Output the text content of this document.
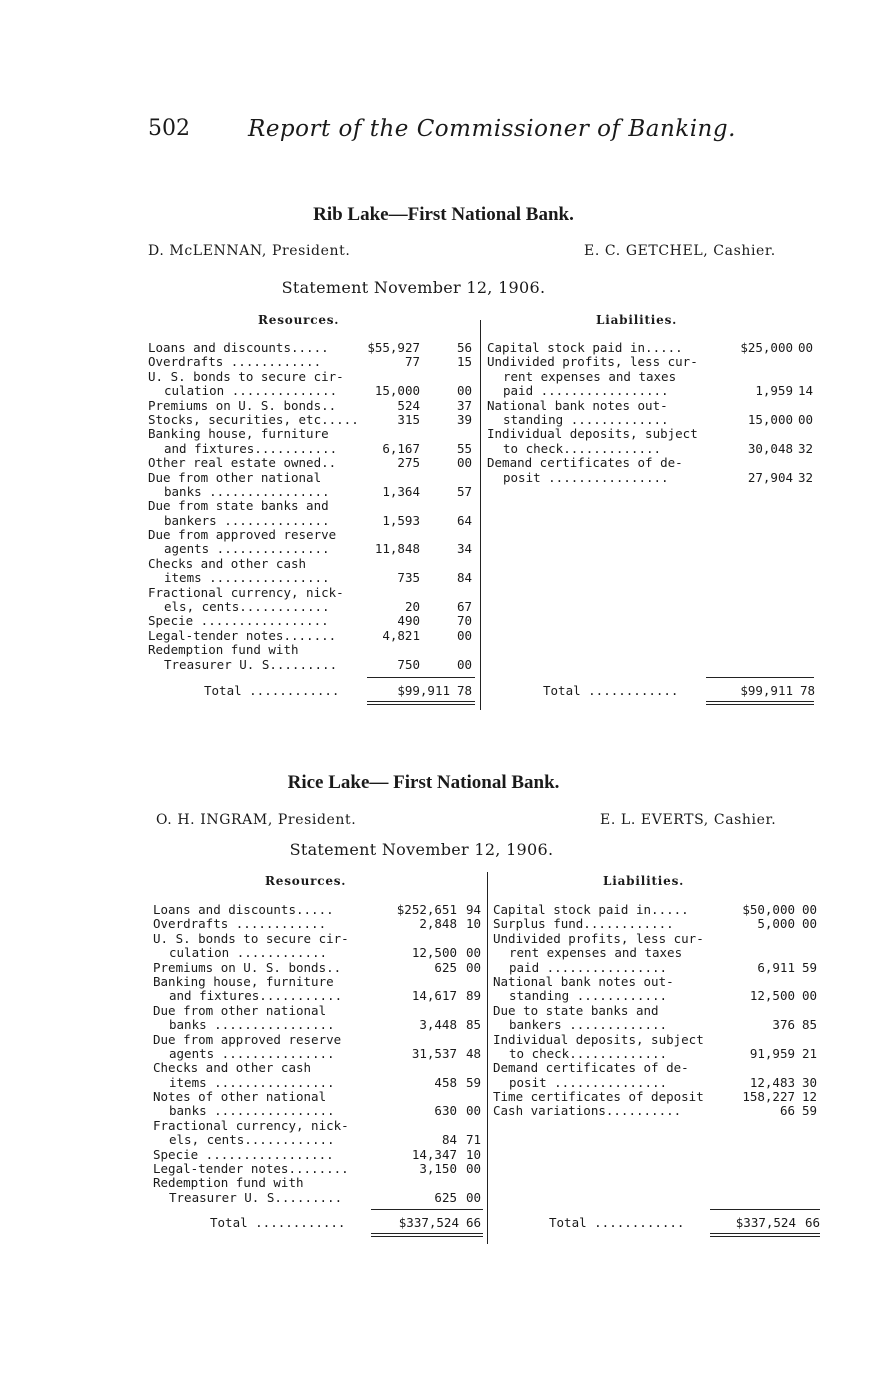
502	Report of the Commissioner of Banking.
Rib Lake—First National Bank.
D. McLENNAN, President.	E. C. GETCHEL, Cashier.
Statement November 12, 1906.
Resources.	Liabilities.
Loans and discounts.....	$55,927	56
Overdrafts ............	77	15
U. S. bonds to secure cir-
culation ..............	15,000	00
Premiums on U. S. bonds..	524	37
Stocks, securities, etc.....	315	39
Banking house, furniture
and fixtures...........	6,167	55
Other real estate owned..	275	00
Due from other national
banks ................	1,364	57
Due from state banks and
bankers ..............	1,593	64
Due from approved reserve
agents ...............	11,848	34
Checks and other cash
items ................	735	84
Fractional currency, nick-
els, cents............	20	67
Specie .................	490	70
Legal-tender notes.......	4,821	00
Redemption fund with
Treasurer U. S.........	750	00
Capital stock paid in.....	$25,000 00
Undivided profits, less cur-
rent expenses and taxes
paid .................	1,959 14
National bank notes out-
standing .............	15,000 00
Individual deposits, subject
to check.............	30,048 32
Demand certificates of de-
posit ................	27,904 32
Total ............	$99,911 78	Total ............	$99,911 78
Rice Lake— First National Bank.
O. H. INGRAM, President.	E. L. EVERTS, Cashier.
Statement November 12, 1906.
Resources.	Liabilities.
Loans and discounts.....	$252,651 94
Overdrafts ............	2,848 10
U. S. bonds to secure cir-
culation ............	12,500 00
Premiums on U. S. bonds..	625 00
Banking house, furniture
and fixtures...........	14,617 89
Due from other national
banks ................	3,448 85
Due from approved reserve
agents ...............	31,537 48
Checks and other cash
items ................	458 59
Notes of other national
banks ................	630 00
Fractional currency, nick-
els, cents............	84 71
Specie .................	14,347 10
Legal-tender notes........	3,150 00
Redemption fund with
Treasurer U. S.........	625 00
Capital stock paid in.....	$50,000 00
Surplus fund............	5,000 00
Undivided profits, less cur-
rent expenses and taxes
paid ................	6,911 59
National bank notes out-
standing ............	12,500 00
Due to state banks and
bankers .............	376 85
Individual deposits, subject
to check.............	91,959 21
Demand certificates of de-
posit ...............	12,483 30
Time certificates of deposit	158,227 12
Cash variations..........	66 59
Total ............	$337,524 66	Total ............	$337,524 66
